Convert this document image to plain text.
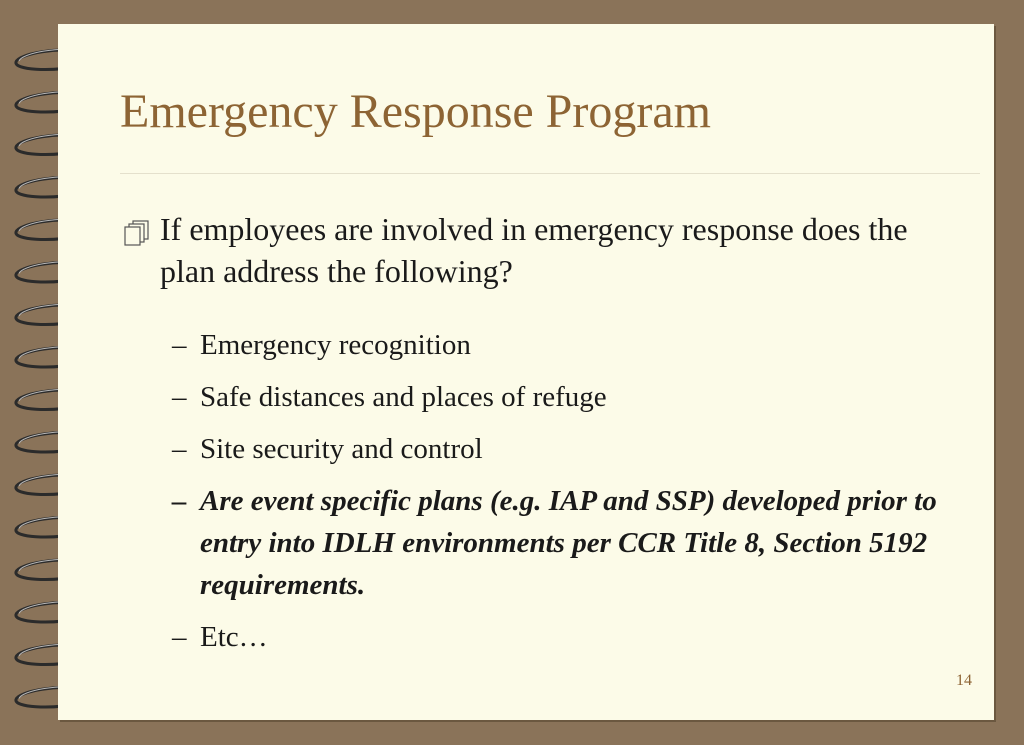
Emergency Response Program
If employees are involved in emergency response does the plan address the following?
– Emergency recognition
– Safe distances and places of refuge
– Site security and control
– Are event specific plans (e.g. IAP and SSP) developed prior to entry into IDLH environments per CCR Title 8, Section 5192 requirements.
– Etc…
14
